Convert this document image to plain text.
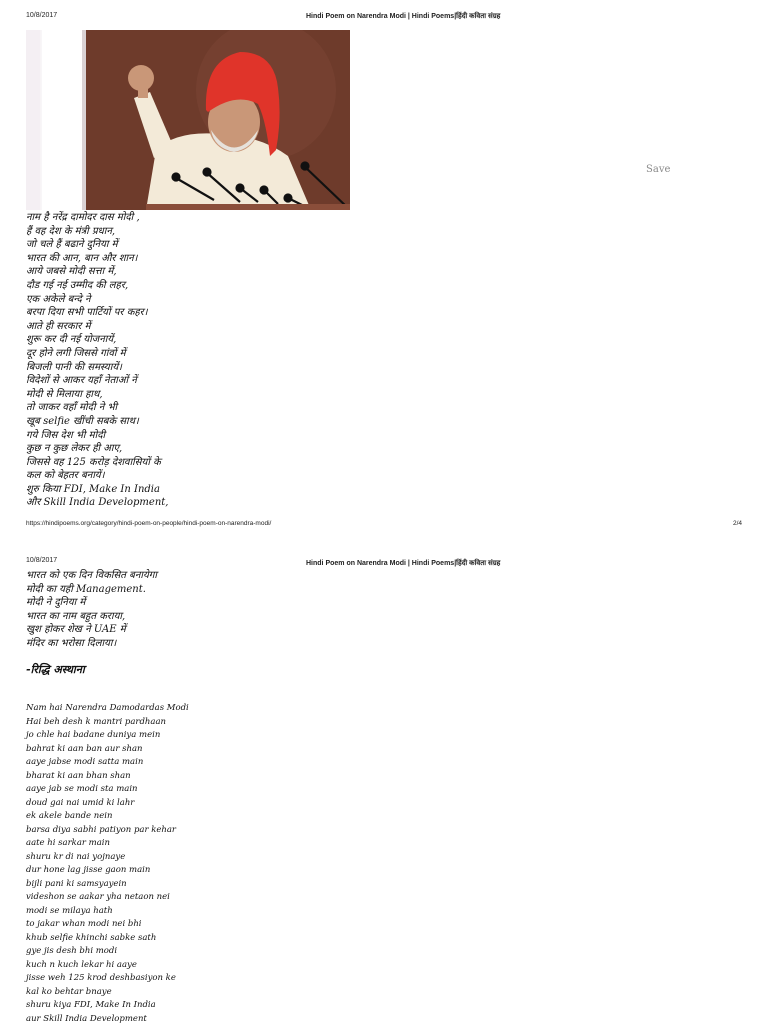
10/8/2017	Hindi Poem on Narendra Modi | Hindi Poems|हिंदी कविता संग्रह
Save
नाम है नरेंद्र दामोदर दास मोदी ,
हैं वह देश के मंत्री प्रधान,
जो चले हैं बढाने दुनिया में
भारत की आन, बान और शान।
आये जबसे मोदी सत्ता में,
दौड गई नई उम्मीद की लहर,
एक अकेले बन्दे ने
बरपा दिया सभी पार्टियों पर कहर।
आते ही सरकार में
शुरू कर दी नई योजनायें,
दूर होने लगी जिससे गांवों में
बिजली पानी की समस्यायें।
विदेशों से आकर यहाँ नेताओं नें
मोदी से मिलाया हाथ,
तो जाकर वहाँ मोदी ने भी
खूब selfie खींची सबके साथ।
गये जिस देश भी मोदी
कुछ न कुछ लेकर ही आए,
जिससे वह 125 करोड़ देशवासियों के
कल को बेहतर बनायें।
शुरु किया FDI, Make In India
और Skill India Development,
https://hindipoems.org/category/hindi-poem-on-people/hindi-poem-on-narendra-modi/	2/4
10/8/2017	Hindi Poem on Narendra Modi | Hindi Poems|हिंदी कविता संग्रह
भारत को एक दिन विकसित बनायेगा
मोदी का यही Management.
मोदी ने दुनिया में
भारत का नाम बहुत कराया,
खुश होकर शेख ने UAE में
मंदिर का भरोसा दिलाया।
-रिद्धि अस्थाना
Nam hai Narendra Damodardas Modi
Hai beh desh k mantri pardhaan
jo chle hai badane duniya mein
bahrat ki aan ban aur shan
aaye jabse modi satta main
bharat ki aan bhan shan
aaye jab se modi sta main
doud gai nai umid ki lahr
ek akele bande nein
barsa diya sabhi patiyon par kehar
aate hi sarkar main
shuru kr di nai yojnaye
dur hone lag jisse gaon main
bijli pani ki samsyayein
videshon se aakar yha netaon nei
modi se milaya hath
to jakar whan modi nei bhi
khub selfie khinchi sabke sath
gye jis desh bhi modi
kuch n kuch lekar hi aaye
jisse weh 125 krod deshbasiyon ke
kal ko behtar bnaye
shuru kiya FDI, Make In India
aur Skill India Development
